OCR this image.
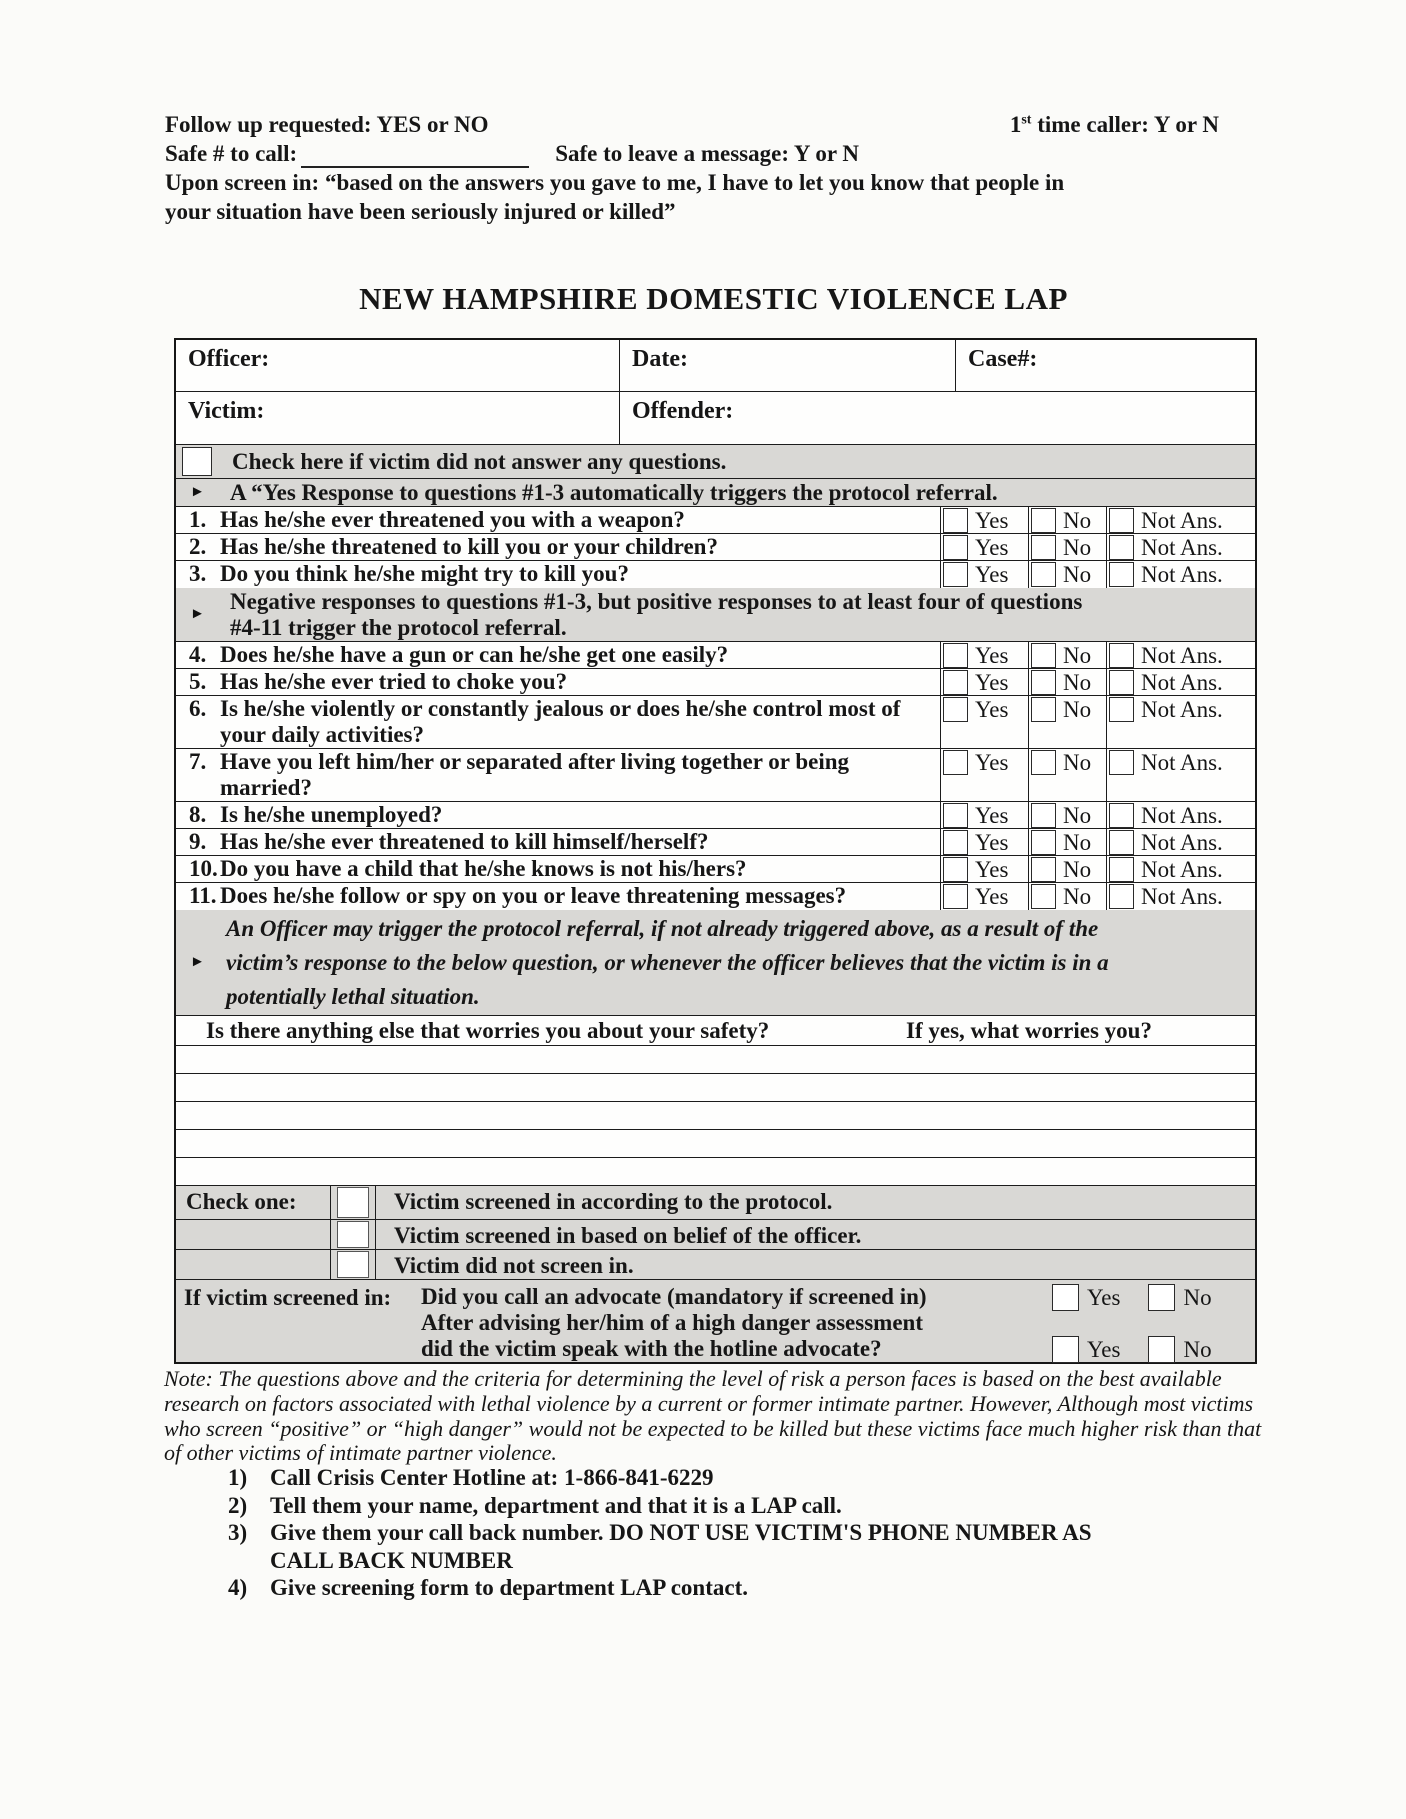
Follow up requested: YES or NO	1st time caller: Y or N
Safe # to call:	Safe to leave a message: Y or N
Upon screen in: “based on the answers you gave to me, I have to let you know that people in your situation have been seriously injured or killed”
NEW HAMPSHIRE DOMESTIC VIOLENCE LAP
Officer:	Date:	Case#:
Victim:	Offender:
Check here if victim did not answer any questions.
►	A “Yes Response to questions #1-3 automatically triggers the protocol referral.
1. Has he/she ever threatened you with a weapon?	Yes	No	Not Ans.
2. Has he/she threatened to kill you or your children?	Yes	No	Not Ans.
3. Do you think he/she might try to kill you?	Yes	No	Not Ans.
►
Negative responses to questions #1-3, but positive responses to at least four of questions #4-11 trigger the protocol referral.
4. Does he/she have a gun or can he/she get one easily?	Yes	No	Not Ans.
5. Has he/she ever tried to choke you?	Yes	No	Not Ans.
6. Is he/she violently or constantly jealous or does he/she control most of your daily activities?
Yes	No	Not Ans.
7. Have you left him/her or separated after living together or being married?
Yes	No	Not Ans.
8. Is he/she unemployed?	Yes	No	Not Ans.
9. Has he/she ever threatened to kill himself/herself?	Yes	No	Not Ans.
10. Do you have a child that he/she knows is not his/hers?	Yes	No	Not Ans.
11. Does he/she follow or spy on you or leave threatening messages?	Yes	No	Not Ans.
►
An Officer may trigger the protocol referral, if not already triggered above, as a result of the victim’s response to the below question, or whenever the officer believes that the victim is in a potentially lethal situation.
Is there anything else that worries you about your safety?	If yes, what worries you?
Check one:	Victim screened in according to the protocol.
Victim screened in based on belief of the officer.
Victim did not screen in.
If victim screened in: Did you call an advocate (mandatory if screened in)	Yes	No
After advising her/him of a high danger assessment
did the victim speak with the hotline advocate?	Yes	No
Note: The questions above and the criteria for determining the level of risk a person faces is based on the best available research on factors associated with lethal violence by a current or former intimate partner. However, Although most victims who screen “positive” or “high danger” would not be expected to be killed but these victims face much higher risk than that of other victims of intimate partner violence.
1) Call Crisis Center Hotline at: 1-866-841-6229
2) Tell them your name, department and that it is a LAP call.
3) Give them your call back number. DO NOT USE VICTIM'S PHONE NUMBER AS CALL BACK NUMBER
4) Give screening form to department LAP contact.
